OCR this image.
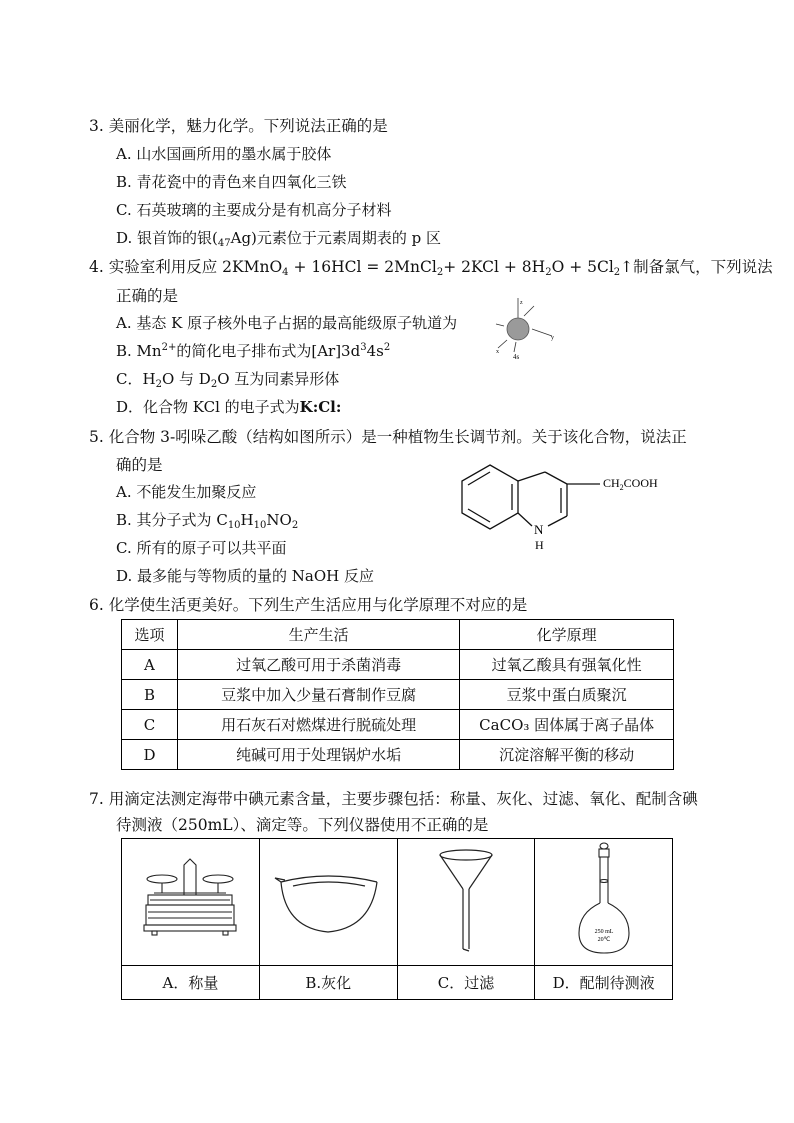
3. 美丽化学，魅力化学。下列说法正确的是
A. 山水国画所用的墨水属于胶体
B. 青花瓷中的青色来自四氧化三铁
C. 石英玻璃的主要成分是有机高分子材料
D. 银首饰的银$(_{47}Ag)$元素位于元素周期表的 p 区
4. 实验室利用反应 2KMnO$_4$ + 16HCl = 2MnCl$_2$+ $2KCl + 8H_2O$ + $5Cl_2↑$制备氯气，下列说法
正确的是
A. 基态 K 原子核外电子占据的最高能级原子轨道为
z
y
x
4s
B. $Mn^{2+}$的简化电子排布式为$[Ar]3d^34s^2$
C．$H_2O$ 与 $D_2O$ 互为同素异形体
D．化合物 KCl 的电子式为K:Cl:
5. 化合物 3-吲哚乙酸（结构如图所示）是一种植物生长调节剂。关于该化合物，说法正
确的是
A. 不能发生加聚反应
B. 其分子式为 $C_{10}H_{10}NO_2$
C. 所有的原子可以共平面
D. 最多能与等物质的量的 NaOH 反应
N
H
$CH_2COOH$
6. 化学使生活更美好。下列生产生活应用与化学原理不对应的是
选项	生产生活	化学原理
A	过氧乙酸可用于杀菌消毒	过氧乙酸具有强氧化性
B	豆浆中加入少量石膏制作豆腐	豆浆中蛋白质聚沉
C	用石灰石对燃煤进行脱硫处理	CaCO₃ 固体属于离子晶体
D	纯碱可用于处理锅炉水垢	沉淀溶解平衡的移动
7. 用滴定法测定海带中碘元素含量，主要步骤包括：称量、灰化、过滤、氧化、配制含碘
待测液（250mL）、滴定等。下列仪器使用不正确的是

250 mL
20℃

A．称量	B.灰化	C．过滤	D．配制待测液
